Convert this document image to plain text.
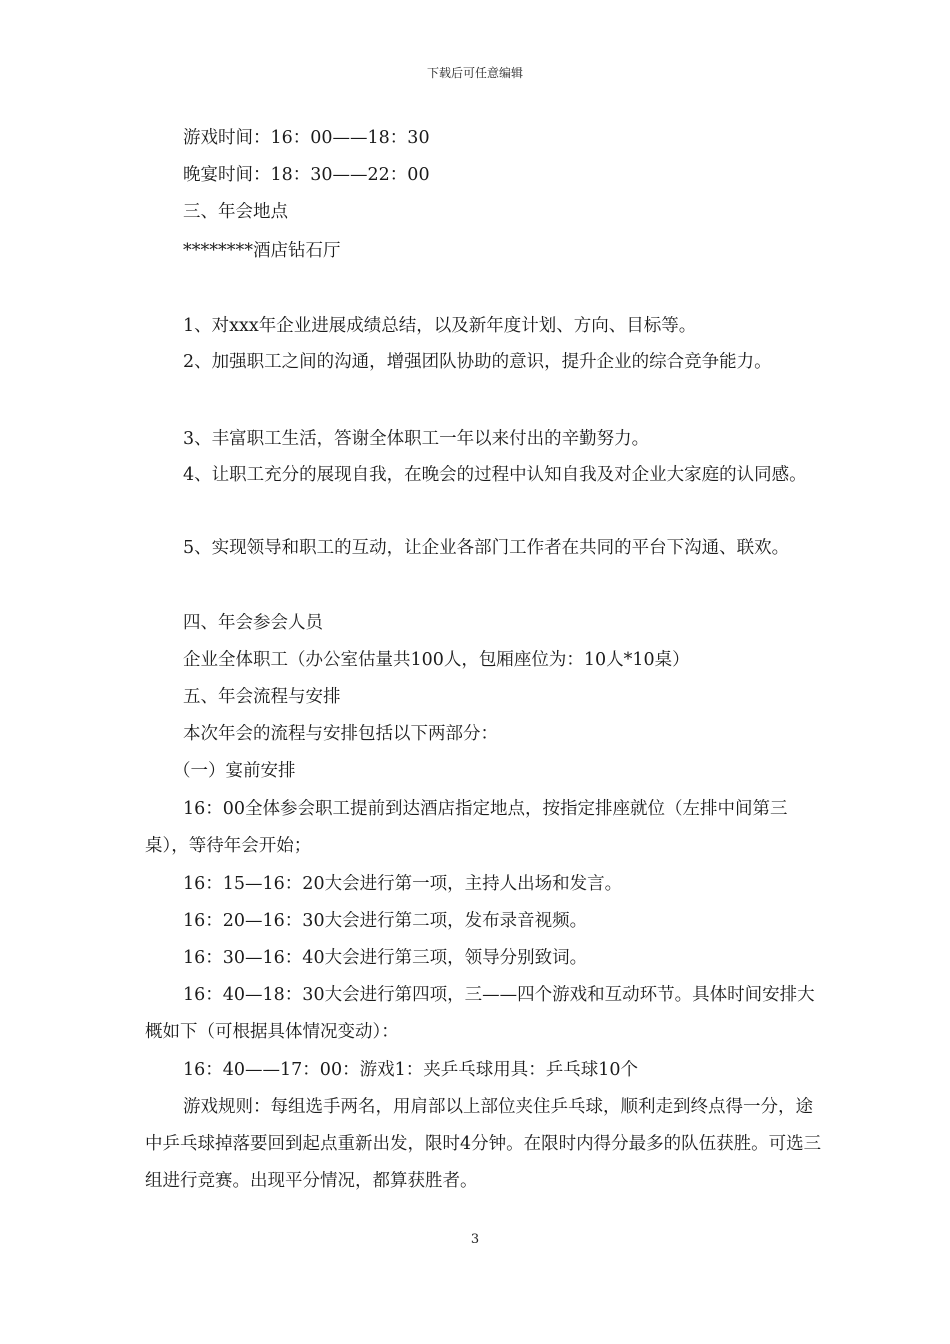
下载后可任意编辑
游戏时间：16：00——18：30
晚宴时间：18：30——22：00
三、年会地点
********酒店钻石厅
1、对xxx年企业进展成绩总结，以及新年度计划、方向、目标等。
2、加强职工之间的沟通，增强团队协助的意识，提升企业的综合竞争能力。
3、丰富职工生活，答谢全体职工一年以来付出的辛勤努力。
4、让职工充分的展现自我，在晚会的过程中认知自我及对企业大家庭的认同感。
5、实现领导和职工的互动，让企业各部门工作者在共同的平台下沟通、联欢。
四、年会参会人员
企业全体职工（办公室估量共100人，包厢座位为：10人*10桌）
五、年会流程与安排
本次年会的流程与安排包括以下两部分：
（一）宴前安排
16：00全体参会职工提前到达酒店指定地点，按指定排座就位（左排中间第三桌），等待年会开始；
16：15—16：20大会进行第一项，主持人出场和发言。
16：20—16：30大会进行第二项，发布录音视频。
16：30—16：40大会进行第三项，领导分别致词。
16：40—18：30大会进行第四项，三——四个游戏和互动环节。具体时间安排大概如下（可根据具体情况变动）：
16：40——17：00：游戏1：夹乒乓球用具：乒乓球10个
游戏规则：每组选手两名，用肩部以上部位夹住乒乓球，顺利走到终点得一分，途中乒乓球掉落要回到起点重新出发，限时4分钟。在限时内得分最多的队伍获胜。可选三组进行竞赛。出现平分情况，都算获胜者。
3
